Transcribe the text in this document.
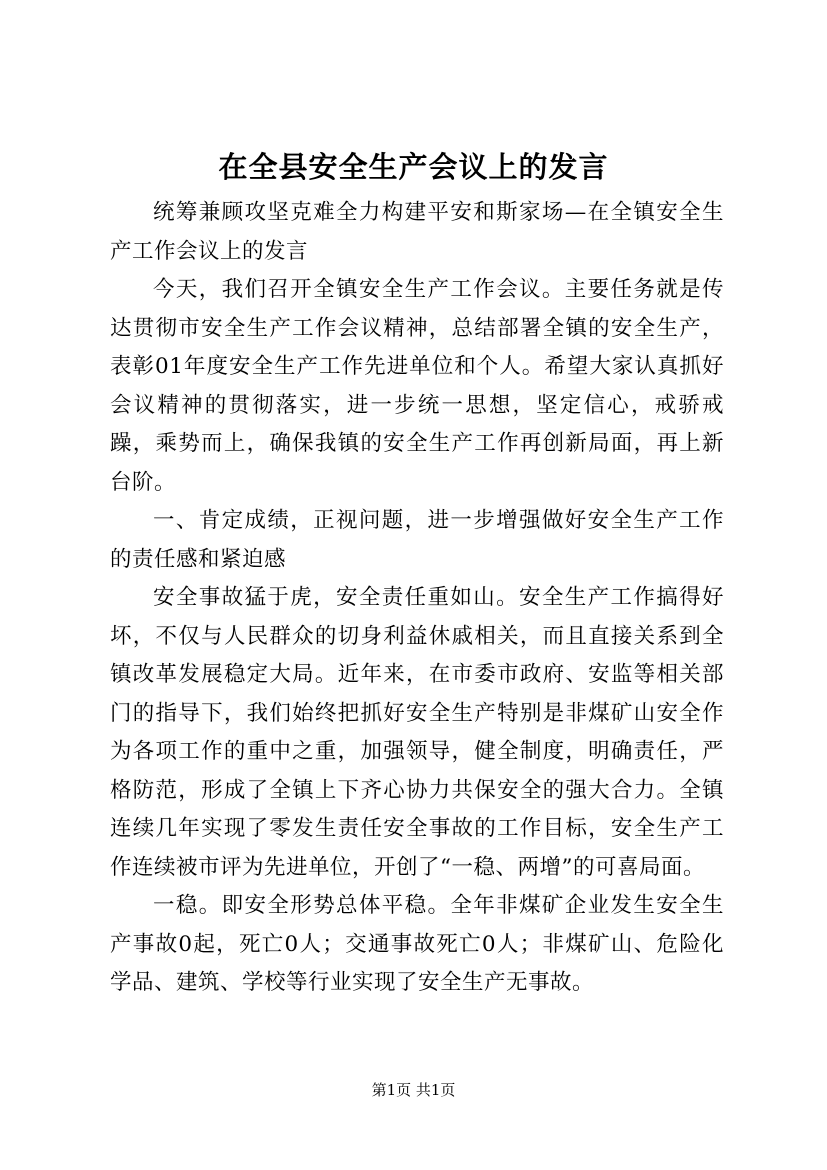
在全县安全生产会议上的发言

统筹兼顾攻坚克难全力构建平安和斯家场—在全镇安全生产工作会议上的发言

今天，我们召开全镇安全生产工作会议。主要任务就是传达贯彻市安全生产工作会议精神，总结部署全镇的安全生产，表彰01年度安全生产工作先进单位和个人。希望大家认真抓好会议精神的贯彻落实，进一步统一思想，坚定信心，戒骄戒躁，乘势而上，确保我镇的安全生产工作再创新局面，再上新台阶。

一、肯定成绩，正视问题，进一步增强做好安全生产工作的责任感和紧迫感

安全事故猛于虎，安全责任重如山。安全生产工作搞得好坏，不仅与人民群众的切身利益休戚相关，而且直接关系到全镇改革发展稳定大局。近年来，在市委市政府、安监等相关部门的指导下，我们始终把抓好安全生产特别是非煤矿山安全作为各项工作的重中之重，加强领导，健全制度，明确责任，严格防范，形成了全镇上下齐心协力共保安全的强大合力。全镇连续几年实现了零发生责任安全事故的工作目标，安全生产工作连续被市评为先进单位，开创了“一稳、两增”的可喜局面。

一稳。即安全形势总体平稳。全年非煤矿企业发生安全生产事故0起，死亡0人；交通事故死亡0人；非煤矿山、危险化学品、建筑、学校等行业实现了安全生产无事故。

第1页 共1页
